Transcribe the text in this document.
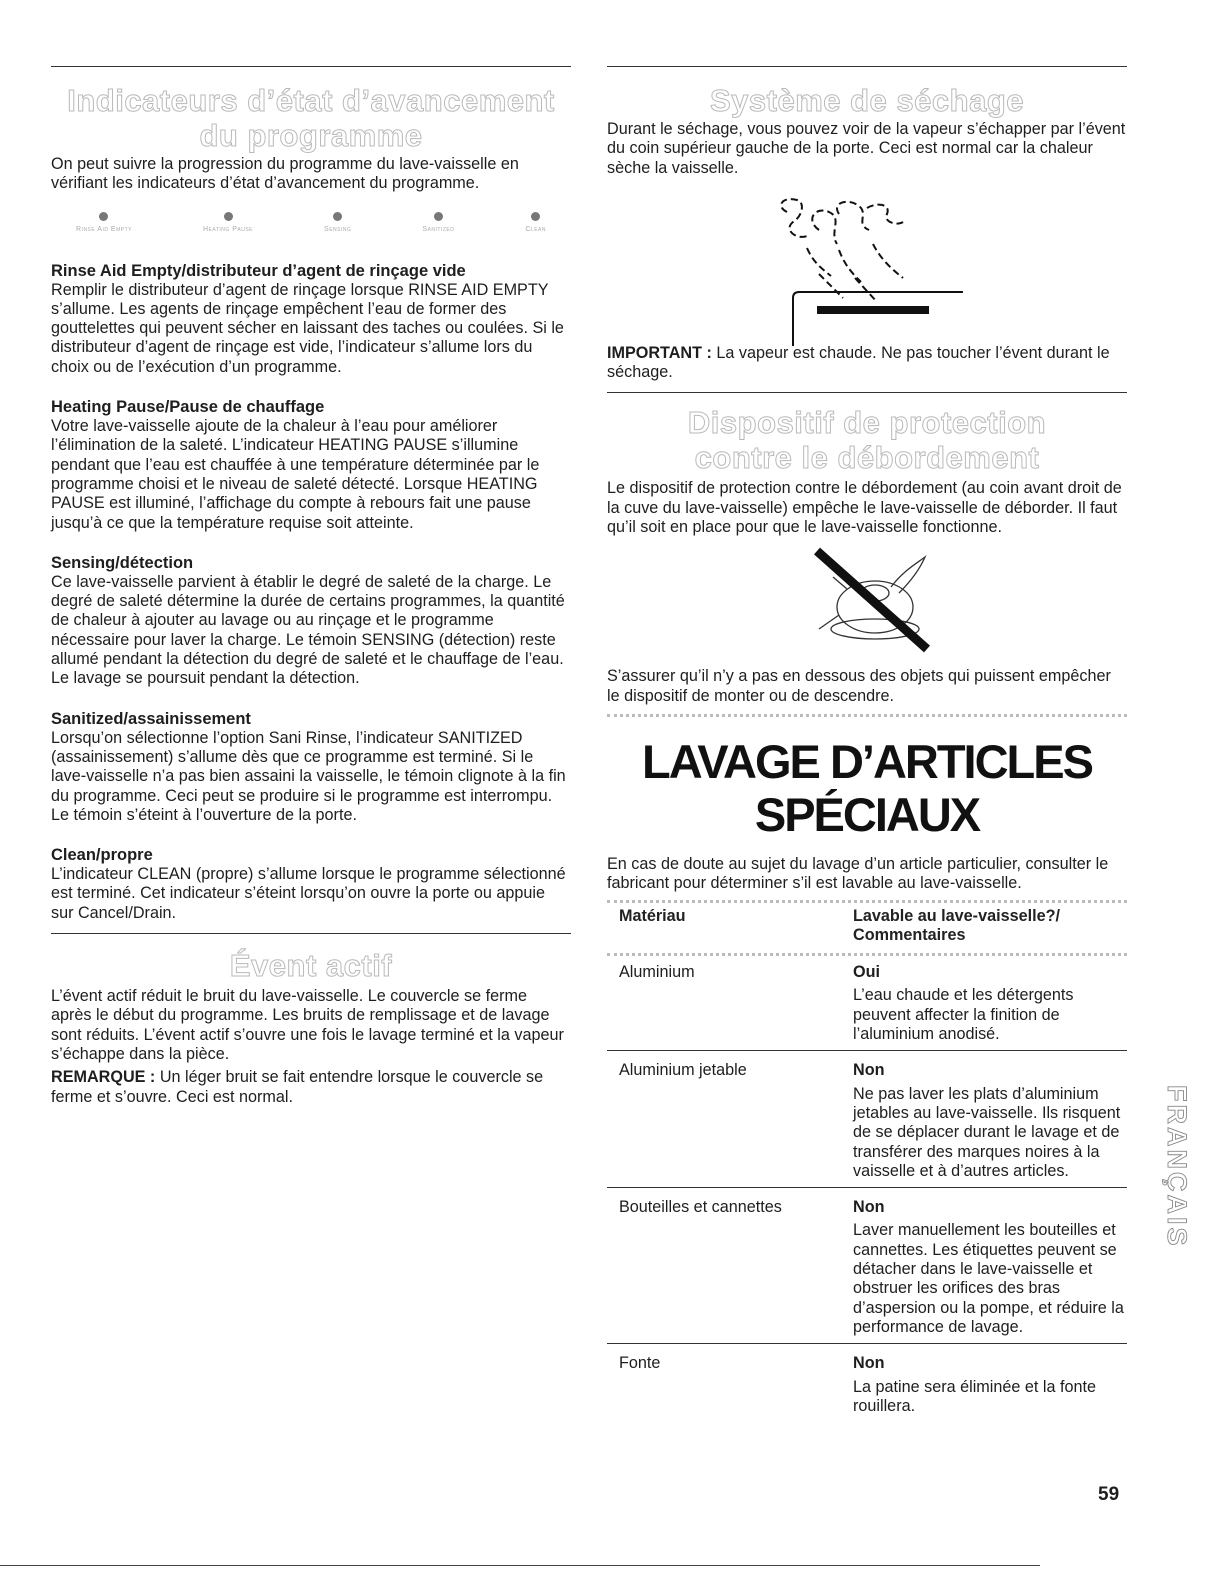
Indicateurs d’état d’avancement
du programme

On peut suivre la progression du programme du lave-vaisselle en vérifiant les indicateurs d’état d’avancement du programme.

Rinse Aid Empty	Heating Pause	Sensing	Sanitized	Clean
Rinse Aid Empty/distributeur d’agent de rinçage vide

Remplir le distributeur d’agent de rinçage lorsque RINSE AID EMPTY s’allume. Les agents de rinçage empêchent l’eau de former des gouttelettes qui peuvent sécher en laissant des taches ou coulées. Si le distributeur d’agent de rinçage est vide, l’indicateur s’allume lors du choix ou de l’exécution d’un programme.

Heating Pause/Pause de chauffage

Votre lave-vaisselle ajoute de la chaleur à l’eau pour améliorer l’élimination de la saleté. L’indicateur HEATING PAUSE s’illumine pendant que l’eau est chauffée à une température déterminée par le programme choisi et le niveau de saleté détecté. Lorsque HEATING PAUSE est illuminé, l’affichage du compte à rebours fait une pause jusqu’à ce que la température requise soit atteinte.

Sensing/détection

Ce lave-vaisselle parvient à établir le degré de saleté de la charge. Le degré de saleté détermine la durée de certains programmes, la quantité de chaleur à ajouter au lavage ou au rinçage et le programme nécessaire pour laver la charge. Le témoin SENSING (détection) reste allumé pendant la détection du degré de saleté et le chauffage de l’eau. Le lavage se poursuit pendant la détection.

Sanitized/assainissement

Lorsqu’on sélectionne l’option Sani Rinse, l’indicateur SANITIZED (assainissement) s’allume dès que ce programme est terminé. Si le lave-vaisselle n’a pas bien assaini la vaisselle, le témoin clignote à la fin du programme. Ceci peut se produire si le programme est interrompu. Le témoin s’éteint à l’ouverture de la porte.

Clean/propre

L’indicateur CLEAN (propre) s’allume lorsque le programme sélectionné est terminé. Cet indicateur s’éteint lorsqu’on ouvre la porte ou appuie sur Cancel/Drain.

Évent actif

L’évent actif réduit le bruit du lave-vaisselle. Le couvercle se ferme après le début du programme. Les bruits de remplissage et de lavage sont réduits. L’évent actif s’ouvre une fois le lavage terminé et la vapeur s’échappe dans la pièce.

REMARQUE : Un léger bruit se fait entendre lorsque le couvercle se ferme et s’ouvre. Ceci est normal.

Système de séchage

Durant le séchage, vous pouvez voir de la vapeur s’échapper par l’évent du coin supérieur gauche de la porte. Ceci est normal car la chaleur sèche la vaisselle.

IMPORTANT : La vapeur est chaude. Ne pas toucher l’évent durant le séchage.

Dispositif de protection
contre le débordement

Le dispositif de protection contre le débordement (au coin avant droit de la cuve du lave-vaisselle) empêche le lave-vaisselle de déborder. Il faut qu’il soit en place pour que le lave-vaisselle fonctionne.

S’assurer qu’il n’y a pas en dessous des objets qui puissent empêcher le dispositif de monter ou de descendre.

LAVAGE D’ARTICLES
SPÉCIAUX

En cas de doute au sujet du lavage d’un article particulier, consulter le fabricant pour déterminer s’il est lavable au lave-vaisselle.

Matériau	Lavable au lave-vaisselle?/
Commentaires

Aluminium	Oui
L’eau chaude et les détergents peuvent affecter la finition de l’aluminium anodisé.

Aluminium jetable	Non
Ne pas laver les plats d’aluminium jetables au lave-vaisselle. Ils risquent de se déplacer durant le lavage et de transférer des marques noires à la vaisselle et à d’autres articles.

Bouteilles et cannettes	Non
Laver manuellement les bouteilles et cannettes. Les étiquettes peuvent se détacher dans le lave-vaisselle et obstruer les orifices des bras d’aspersion ou la pompe, et réduire la performance de lavage.

Fonte	Non
La patine sera éliminée et la fonte rouillera.
FRANÇAIS
59
